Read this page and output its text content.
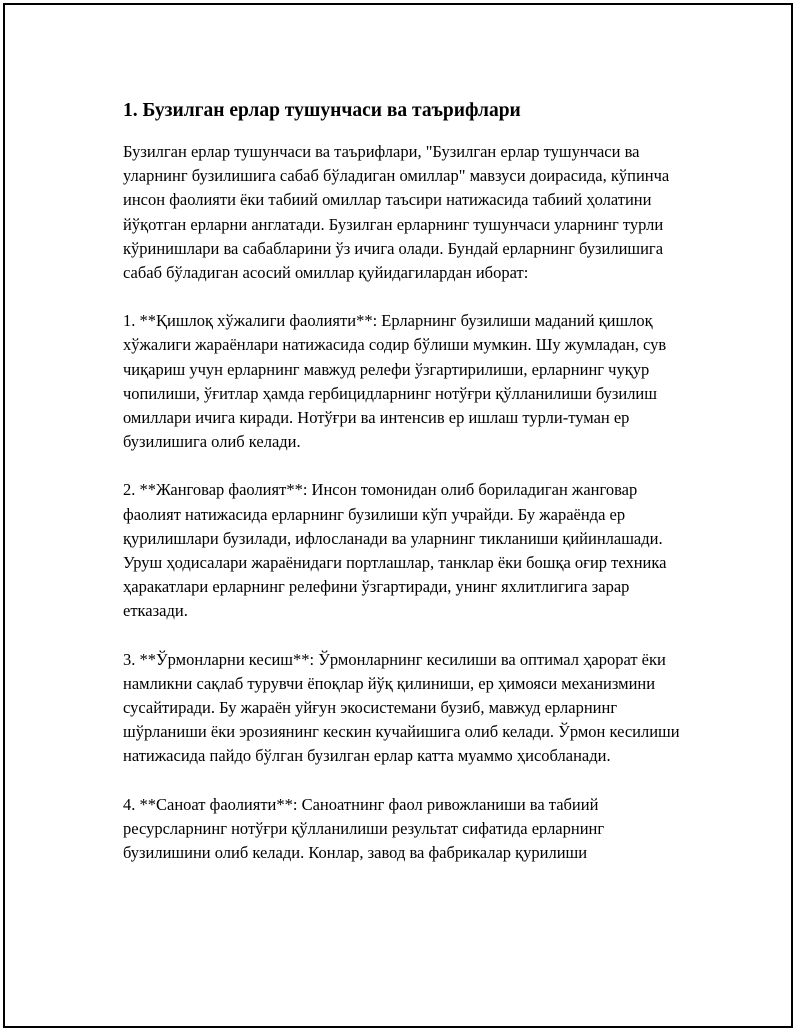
1. Бузилган ерлар тушунчаси ва таърифлари

Бузилган ерлар тушунчаси ва таърифлари, "Бузилган ерлар тушунчаси ва уларнинг бузилишига сабаб бўладиган омиллар" мавзуси доирасида, кўпинча инсон фаолияти ёки табиий омиллар таъсири натижасида табиий ҳолатини йўқотган ерларни англатади. Бузилган ерларнинг тушунчаси уларнинг турли кўринишлари ва сабабларини ўз ичига олади. Бундай ерларнинг бузилишига сабаб бўладиган асосий омиллар қуйидагилардан иборат:

1. **Қишлоқ хўжалиги фаолияти**: Ерларнинг бузилиши маданий қишлоқ хўжалиги жараёнлари натижасида содир бўлиши мумкин. Шу жумладан, сув чиқариш учун ерларнинг мавжуд релефи ўзгартирилиши, ерларнинг чуқур чопилиши, ўғитлар ҳамда гербицидларнинг нотўғри қўлланилиши бузилиш омиллари ичига киради. Нотўғри ва интенсив ер ишлаш турли-туман ер бузилишига олиб келади.

2. **Жанговар фаолият**: Инсон томонидан олиб бориладиган жанговар фаолият натижасида ерларнинг бузилиши кўп учрайди. Бу жараёнда ер қурилишлари бузилади, ифлосланади ва уларнинг тикланиши қийинлашади. Уруш ҳодисалари жараёнидаги портлашлар, танклар ёки бошқа оғир техника ҳаракатлари ерларнинг релефини ўзгартиради, унинг яхлитлигига зарар етказади.

3. **Ўрмонларни кесиш**: Ўрмонларнинг кесилиши ва оптимал ҳарорат ёки намликни сақлаб турувчи ёпоқлар йўқ қилиниши, ер ҳимояси механизмини сусайтиради. Бу жараён уйғун экосистемани бузиб, мавжуд ерларнинг шўрланиши ёки эрозиянинг кескин кучайишига олиб келади. Ўрмон кесилиши натижасида пайдо бўлган бузилган ерлар катта муаммо ҳисобланади.

4. **Саноат фаолияти**: Саноатнинг фаол ривожланиши ва табиий ресурсларнинг нотўғри қўлланилиши результат сифатида ерларнинг бузилишини олиб келади. Конлар, завод ва фабрикалар қурилиши
